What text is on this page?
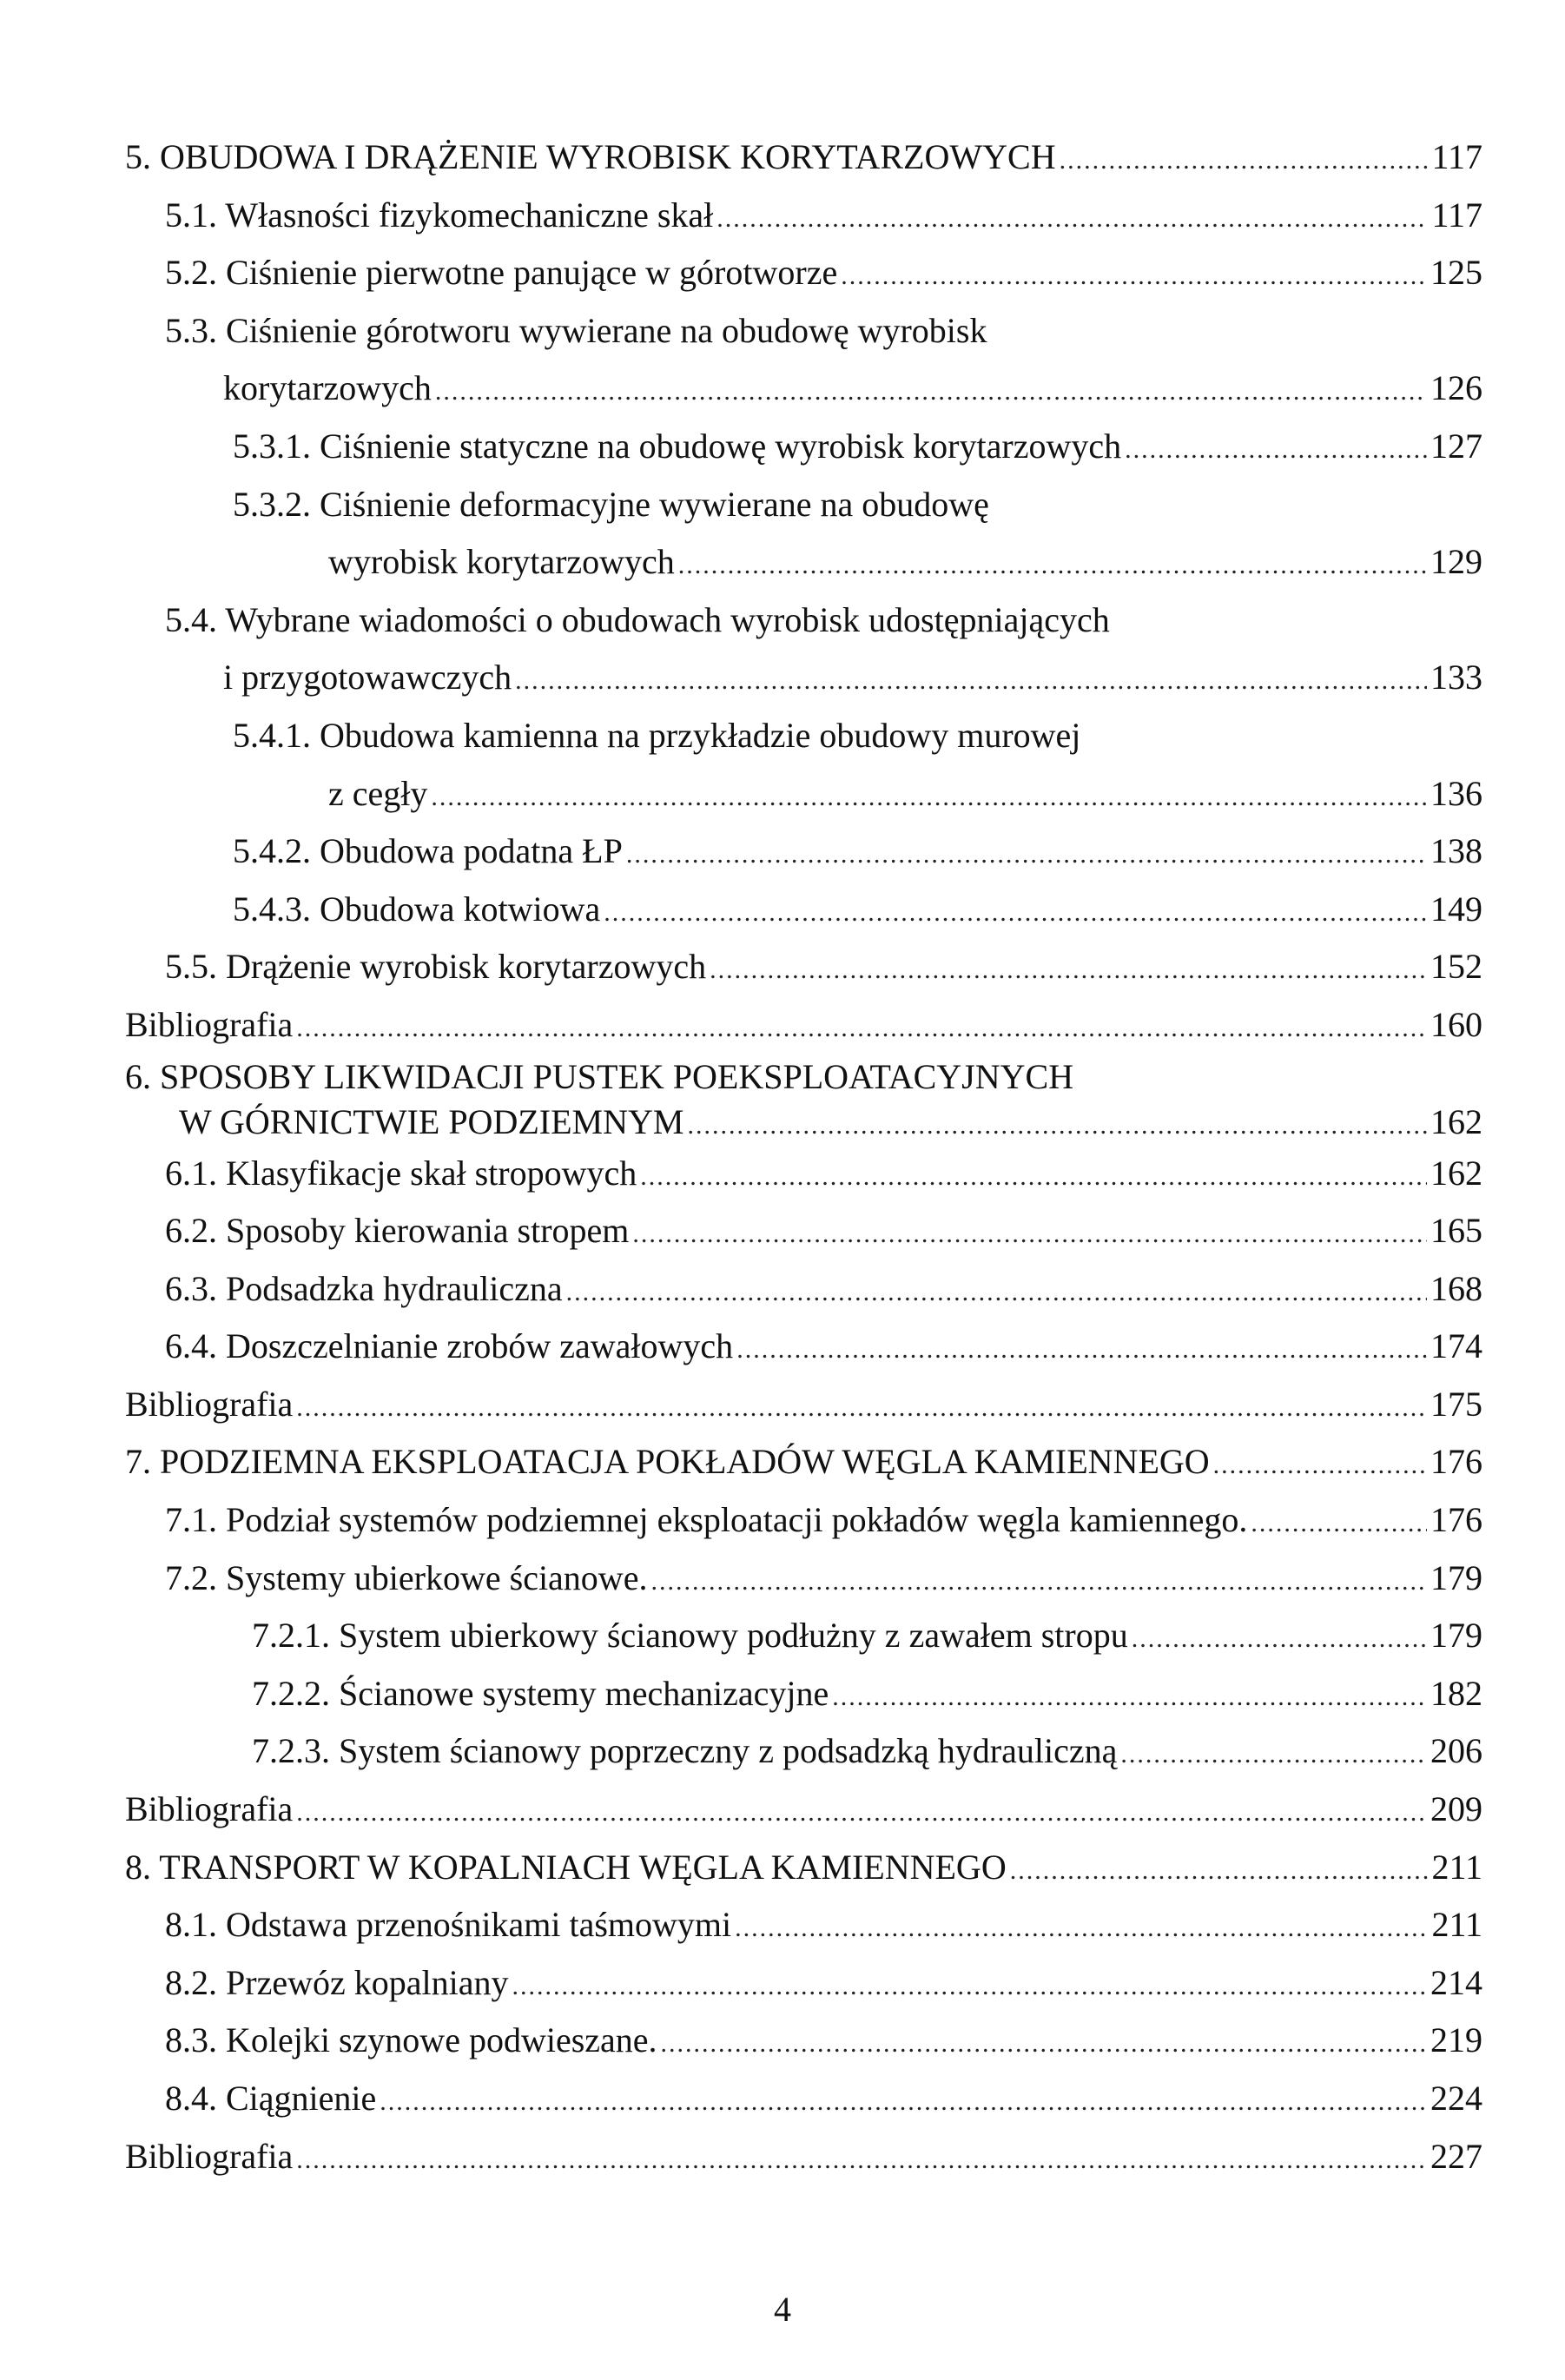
5. OBUDOWA I DRĄŻENIE WYROBISK KORYTARZOWYCH .....	117
5.1. Własności fizykomechaniczne skał .....	117
5.2. Ciśnienie pierwotne panujące w górotworze .....	125
5.3. Ciśnienie górotworu wywierane na obudowę wyrobisk
korytarzowych .....	126
5.3.1. Ciśnienie statyczne na obudowę wyrobisk korytarzowych .....	127
5.3.2. Ciśnienie deformacyjne wywierane na obudowę
wyrobisk korytarzowych .....	129
5.4. Wybrane wiadomości o obudowach wyrobisk udostępniających
i przygotowawczych .....	133
5.4.1. Obudowa kamienna na przykładzie obudowy murowej
z cegły .....	136
5.4.2. Obudowa podatna ŁP .....	138
5.4.3. Obudowa kotwiowa .....	149
5.5. Drążenie wyrobisk korytarzowych .....	152
Bibliografia .....	160
6. SPOSOBY LIKWIDACJI PUSTEK POEKSPLOATACYJNYCH
W GÓRNICTWIE PODZIEMNYM .....	162
6.1. Klasyfikacje skał stropowych .....	162
6.2. Sposoby kierowania stropem .....	165
6.3. Podsadzka hydrauliczna .....	168
6.4. Doszczelnianie zrobów zawałowych .....	174
Bibliografia .....	175
7. PODZIEMNA EKSPLOATACJA POKŁADÓW WĘGLA KAMIENNEGO .....	176
7.1. Podział systemów podziemnej eksploatacji pokładów węgla kamiennego. .....	176
7.2. Systemy ubierkowe ścianowe. .....	179
7.2.1. System ubierkowy ścianowy podłużny z zawałem stropu .....	179
7.2.2. Ścianowe systemy mechanizacyjne .....	182
7.2.3. System ścianowy poprzeczny z podsadzką hydrauliczną .....	206
Bibliografia .....	209
8. TRANSPORT W KOPALNIACH WĘGLA KAMIENNEGO .....	211
8.1. Odstawa przenośnikami taśmowymi .....	211
8.2. Przewóz kopalniany .....	214
8.3. Kolejki szynowe podwieszane. .....	219
8.4. Ciągnienie .....	224
Bibliografia .....	227
4
